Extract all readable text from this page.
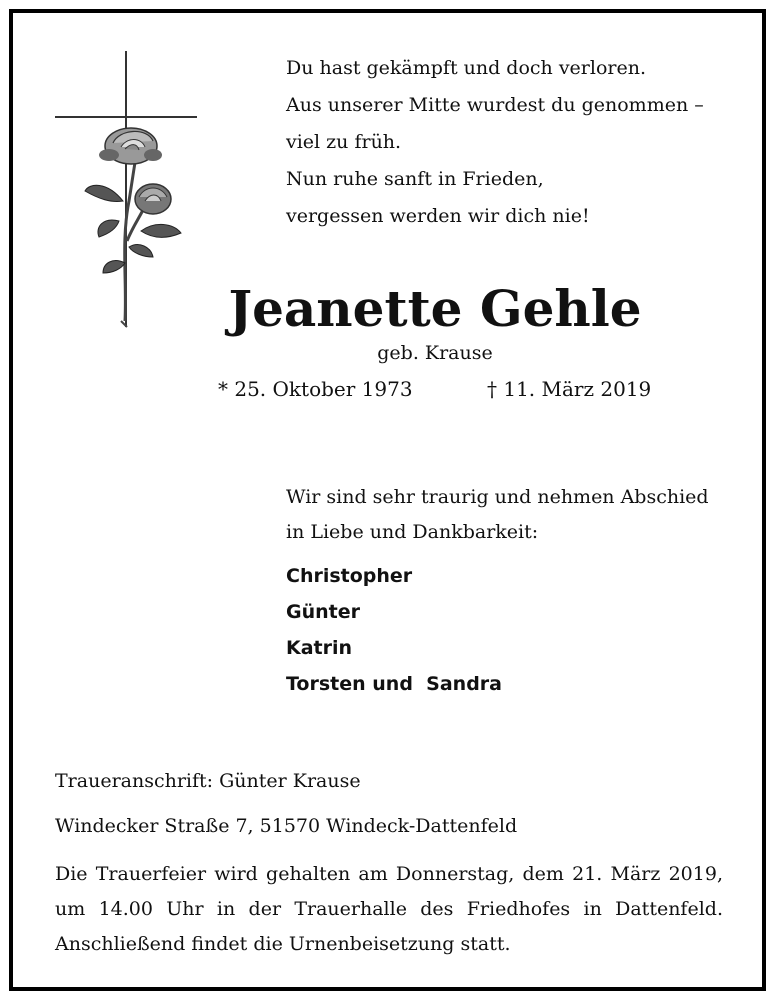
Du hast gekämpft und doch verloren.
Aus unserer Mitte wurdest du genommen –
viel zu früh.
Nun ruhe sanft in Frieden,
vergessen werden wir dich nie!
Jeanette Gehle
geb. Krause
* 25. Oktober 1973	† 11. März 2019
Wir sind sehr traurig und nehmen Abschied
in Liebe und Dankbarkeit:
Christopher
Günter
Katrin
Torsten und  Sandra
Traueranschrift: Günter Krause
Windecker Straße 7, 51570 Windeck-Dattenfeld
Die Trauerfeier wird gehalten am Donnerstag, dem 21. März 2019, um 14.00 Uhr in der Trauerhalle des Friedhofes in Dattenfeld. Anschließend findet die Urnenbeisetzung statt.
